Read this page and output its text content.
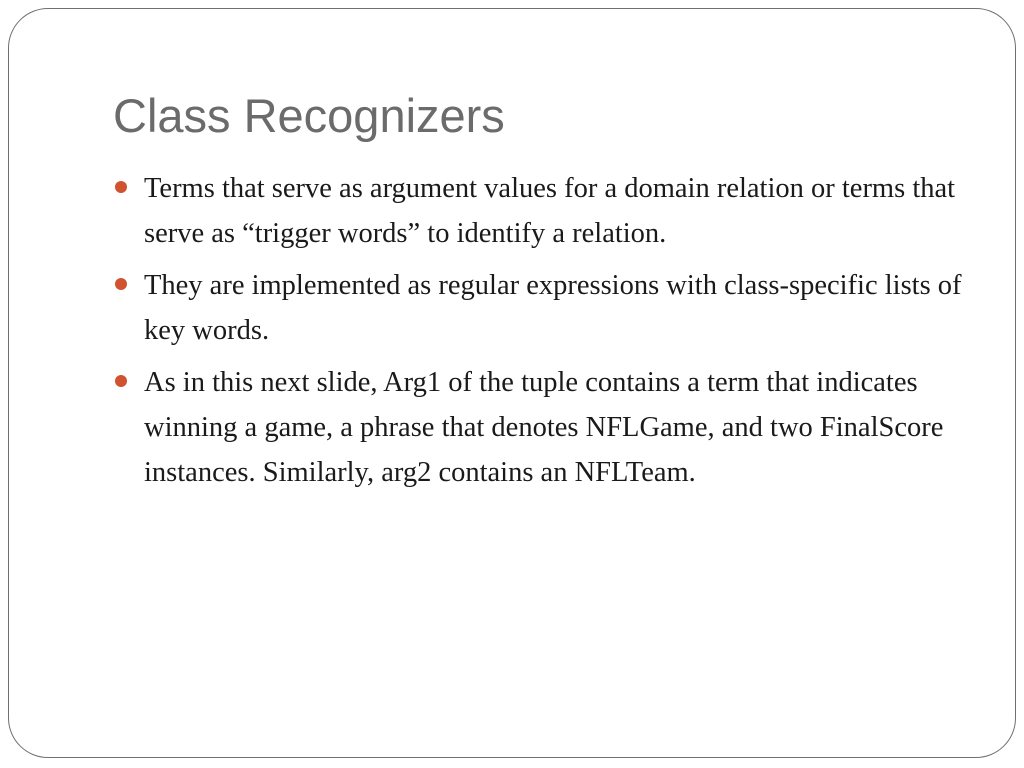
Class Recognizers
Terms that serve as argument values for a domain relation or terms that serve as “trigger words” to identify a relation.
They are implemented as regular expressions with class-specific lists of key words.
As in this next slide, Arg1 of the tuple contains a term that indicates winning a game, a phrase that denotes NFLGame, and two FinalScore instances. Similarly, arg2 contains an NFLTeam.
